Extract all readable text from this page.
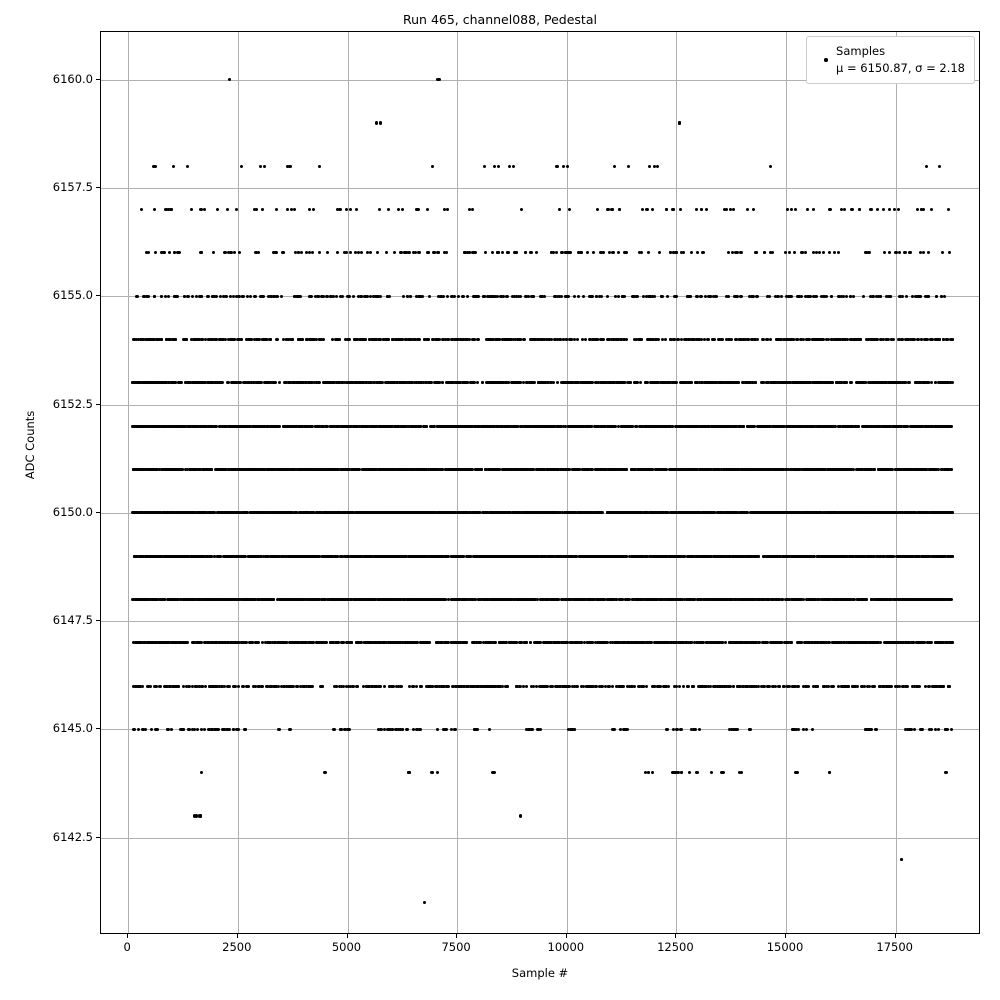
Run 465, channel088, Pedestal
Samples
μ = 6150.87, σ = 2.18
6142.5
6145.0
6147.5
6150.0
6152.5
6155.0
6157.5
6160.0
0	2500	5000	7500	10000	12500	15000	17500
Sample #
ADC Counts
